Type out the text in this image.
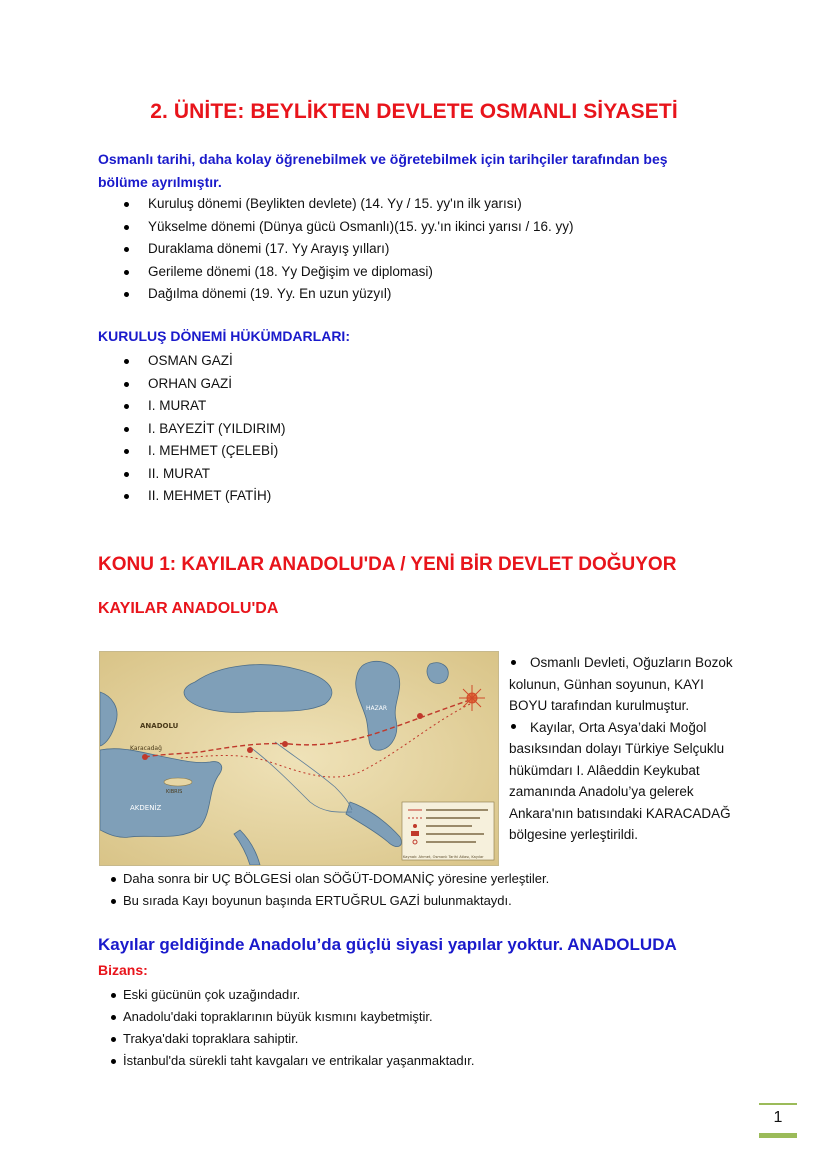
2. ÜNİTE: BEYLİKTEN DEVLETE OSMANLI SİYASETİ
Osmanlı tarihi, daha kolay öğrenebilmek ve öğretebilmek için tarihçiler tarafından beş bölüme ayrılmıştır.
Kuruluş dönemi (Beylikten devlete) (14. Yy / 15. yy'ın ilk yarısı)
Yükselme dönemi (Dünya gücü Osmanlı)(15. yy.'ın ikinci yarısı / 16. yy)
Duraklama dönemi (17. Yy Arayış yılları)
Gerileme dönemi (18. Yy Değişim ve diplomasi)
Dağılma dönemi (19. Yy. En uzun yüzyıl)
KURULUŞ DÖNEMİ HÜKÜMDARLARI:
OSMAN GAZİ
ORHAN GAZİ
I. MURAT
I. BAYEZİT (YILDIRIM)
I. MEHMET (ÇELEBİ)
II. MURAT
II. MEHMET (FATİH)
KONU 1: KAYILAR ANADOLU'DA / YENİ BİR DEVLET DOĞUYOR
KAYILAR ANADOLU'DA
ANADOLU
Karacadağ
AKDENİZ
KIBRIS
HAZAR
Kaynak: Ahmet, Osmanlı Tarihi Atlası, Kayılar

Osmanlı Devleti, Oğuzların Bozok kolunun, Günhan soyunun, KAYI BOYU tarafından kurulmuştur.

Kayılar, Orta Asya’daki Moğol basıksından dolayı Türkiye Selçuklu hükümdarı I. Alâeddin Keykubat zamanında Anadolu’ya gelerek Ankara'nın batısındaki KARACADAĞ bölgesine yerleştirildi.

Daha sonra bir UÇ BÖLGESİ olan SÖĞÜT-DOMANİÇ yöresine yerleştiler.
Bu sırada Kayı boyunun başında ERTUĞRUL GAZİ bulunmaktaydı.
Kayılar geldiğinde Anadolu’da güçlü siyasi yapılar yoktur. ANADOLUDA
Bizans:
Eski gücünün çok uzağındadır.
Anadolu'daki topraklarının büyük kısmını kaybetmiştir.
Trakya'daki topraklara sahiptir.
İstanbul'da sürekli taht kavgaları ve entrikalar yaşanmaktadır.
1
